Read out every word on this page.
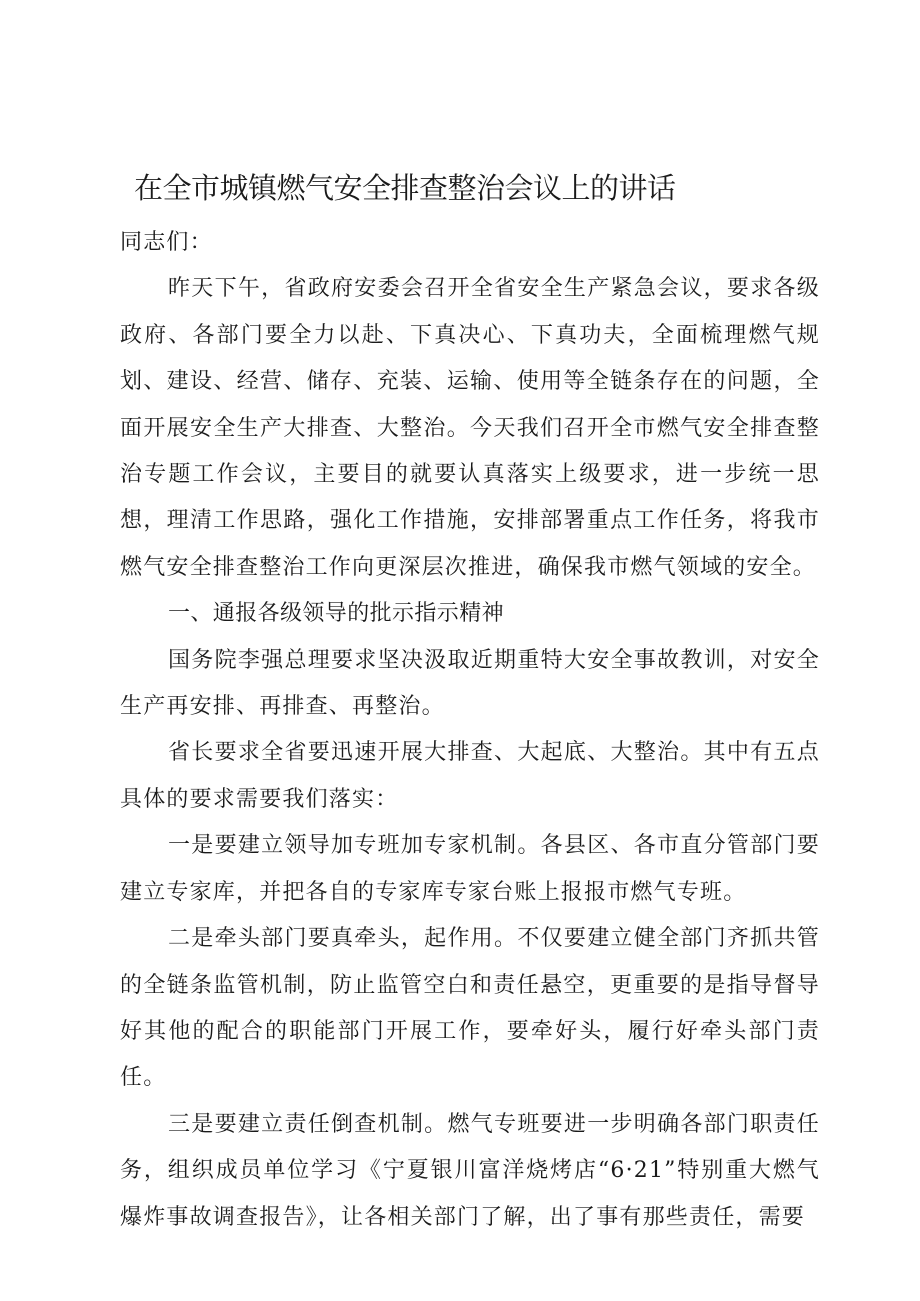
在全市城镇燃气安全排查整治会议上的讲话

同志们：

昨天下午，省政府安委会召开全省安全生产紧急会议，要求各级政府、各部门要全力以赴、下真决心、下真功夫，全面梳理燃气规划、建设、经营、储存、充装、运输、使用等全链条存在的问题，全面开展安全生产大排查、大整治。今天我们召开全市燃气安全排查整治专题工作会议，主要目的就要认真落实上级要求，进一步统一思想，理清工作思路，强化工作措施，安排部署重点工作任务，将我市燃气安全排查整治工作向更深层次推进，确保我市燃气领域的安全。

一、通报各级领导的批示指示精神

国务院李强总理要求坚决汲取近期重特大安全事故教训，对安全生产再安排、再排查、再整治。

省长要求全省要迅速开展大排查、大起底、大整治。其中有五点具体的要求需要我们落实：

一是要建立领导加专班加专家机制。各县区、各市直分管部门要建立专家库，并把各自的专家库专家台账上报报市燃气专班。

二是牵头部门要真牵头，起作用。不仅要建立健全部门齐抓共管的全链条监管机制，防止监管空白和责任悬空，更重要的是指导督导好其他的配合的职能部门开展工作，要牵好头，履行好牵头部门责任。

三是要建立责任倒查机制。燃气专班要进一步明确各部门职责任务，组织成员单位学习《宁夏银川富洋烧烤店“6·21”特别重大燃气爆炸事故调查报告》，让各相关部门了解，出了事有那些责任，需要
